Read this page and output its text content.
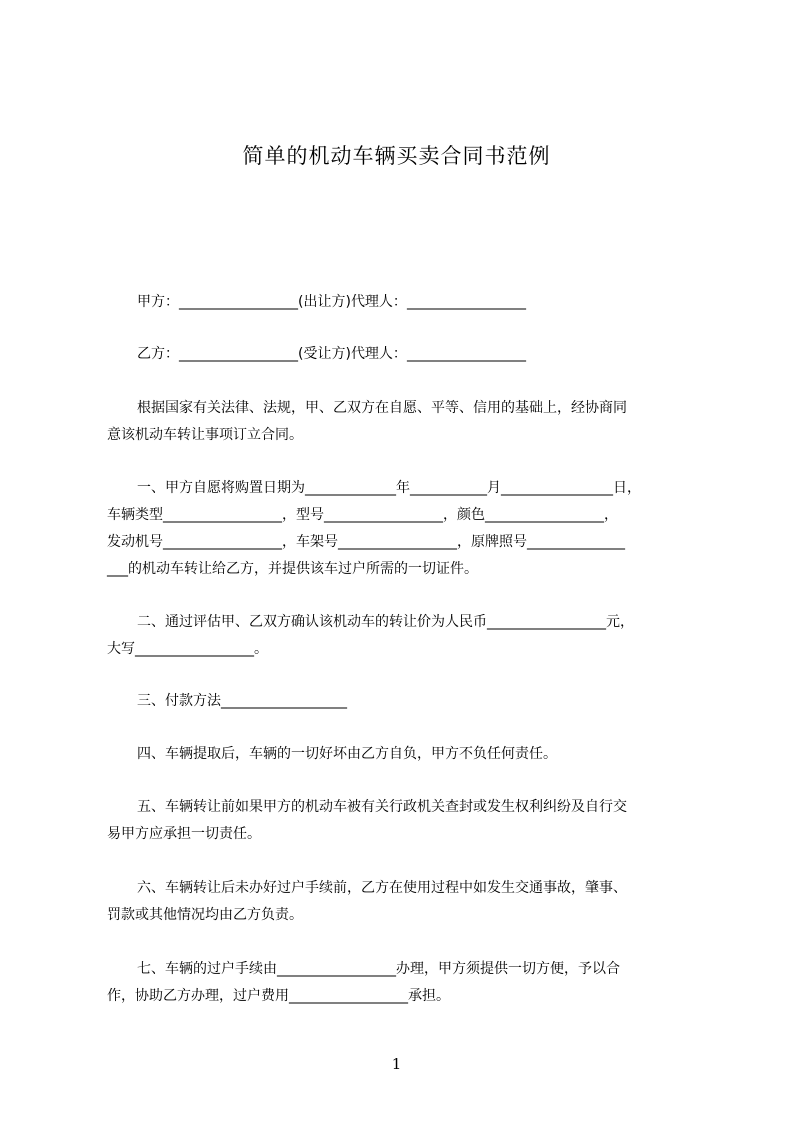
简单的机动车辆买卖合同书范例
甲方：_________________(出让方)代理人：_________________
乙方：_________________(受让方)代理人：_________________
根据国家有关法律、法规，甲、乙双方在自愿、平等、信用的基础上，经协商同
意该机动车转让事项订立合同。
一、甲方自愿将购置日期为_____________年___________月________________日，
车辆类型_________________，型号_________________，颜色_________________，
发动机号_________________，车架号_________________，原牌照号______________
___的机动车转让给乙方，并提供该车过户所需的一切证件。
二、通过评估甲、乙双方确认该机动车的转让价为人民币_________________元，
大写_________________。
三、付款方法__________________
四、车辆提取后，车辆的一切好坏由乙方自负，甲方不负任何责任。
五、车辆转让前如果甲方的机动车被有关行政机关查封或发生权利纠纷及自行交
易甲方应承担一切责任。
六、车辆转让后未办好过户手续前，乙方在使用过程中如发生交通事故，肇事、
罚款或其他情况均由乙方负责。
七、车辆的过户手续由_________________办理，甲方须提供一切方便，予以合
作，协助乙方办理，过户费用_________________承担。
1
